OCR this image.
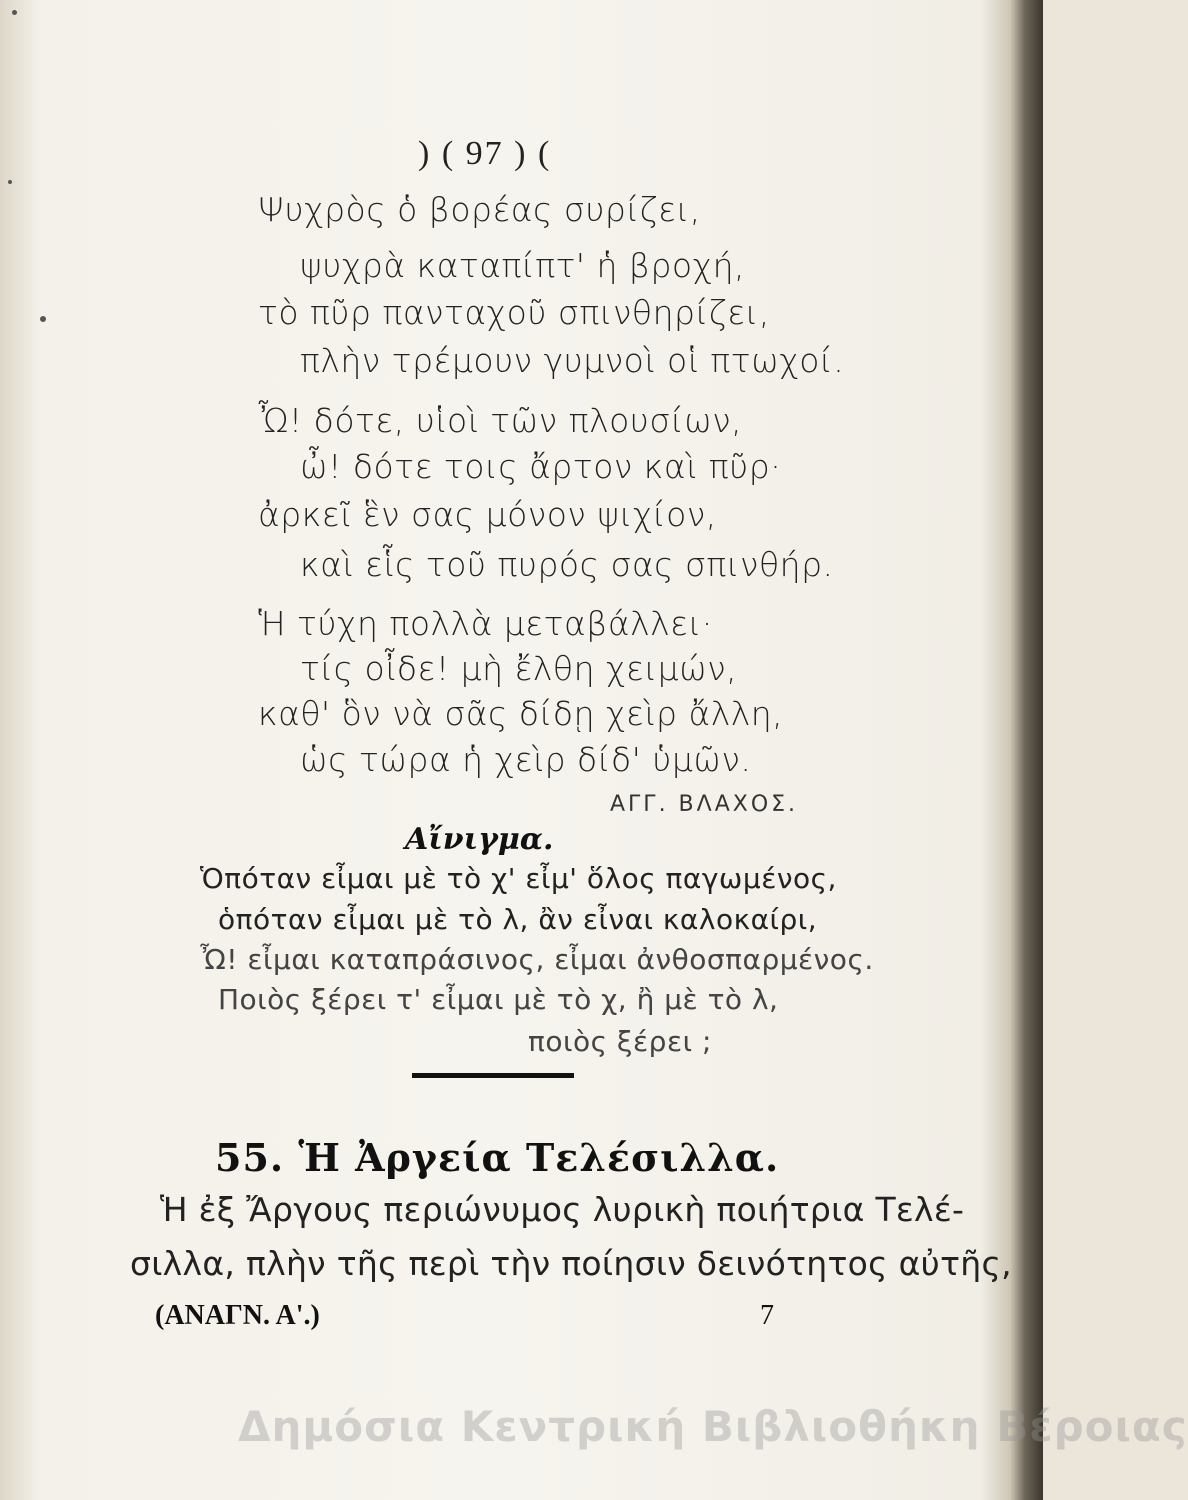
) ( 97 ) (
Ψυχρὸς ὁ βορέας συρίζει,
ψυχρὰ καταπίπτ' ἡ βροχή,
τὸ πῦρ πανταχοῦ σπινθηρίζει,
πλὴν τρέμουν γυμνοὶ οἱ πτωχοί.
Ὦ! δότε, υἱοὶ τῶν πλουσίων,
ὦ! δότε τοις ἄρτον καὶ πῦρ·
ἀρκεῖ ἓν σας μόνον ψιχίον,
καὶ εἷς τοῦ πυρός σας σπινθήρ.
Ἡ τύχη πολλὰ μεταβάλλει·
τίς οἶδε! μὴ ἔλθη χειμών,
καθ' ὃν νὰ σᾶς δίδῃ χεὶρ ἄλλη,
ὡς τώρα ἡ χεὶρ δίδ' ὑμῶν.
ΑΓΓ. ΒΛΑΧΟΣ.
Αἴνιγμα.
Ὁπόταν εἶμαι μὲ τὸ χ' εἶμ' ὅλος παγωμένος,
ὁπόταν εἶμαι μὲ τὸ λ, ἂν εἶναι καλοκαίρι,
Ὦ! εἶμαι καταπράσινος, εἶμαι ἀνθοσπαρμένος.
Ποιὸς ξέρει τ' εἶμαι μὲ τὸ χ, ἢ μὲ τὸ λ,
ποιὸς ξέρει ;
55. Ἡ Ἀργεία Τελέσιλλα.
Ἡ ἐξ Ἄργους περιώνυμος λυρικὴ ποιήτρια Τελέ-
σιλλα, πλὴν τῆς περὶ τὴν ποίησιν δεινότητος αὐτῆς,
(ΑΝΑΓΝ. Α'.)	7
Δημόσια Κεντρική Βιβλιοθήκη Βέροιας
